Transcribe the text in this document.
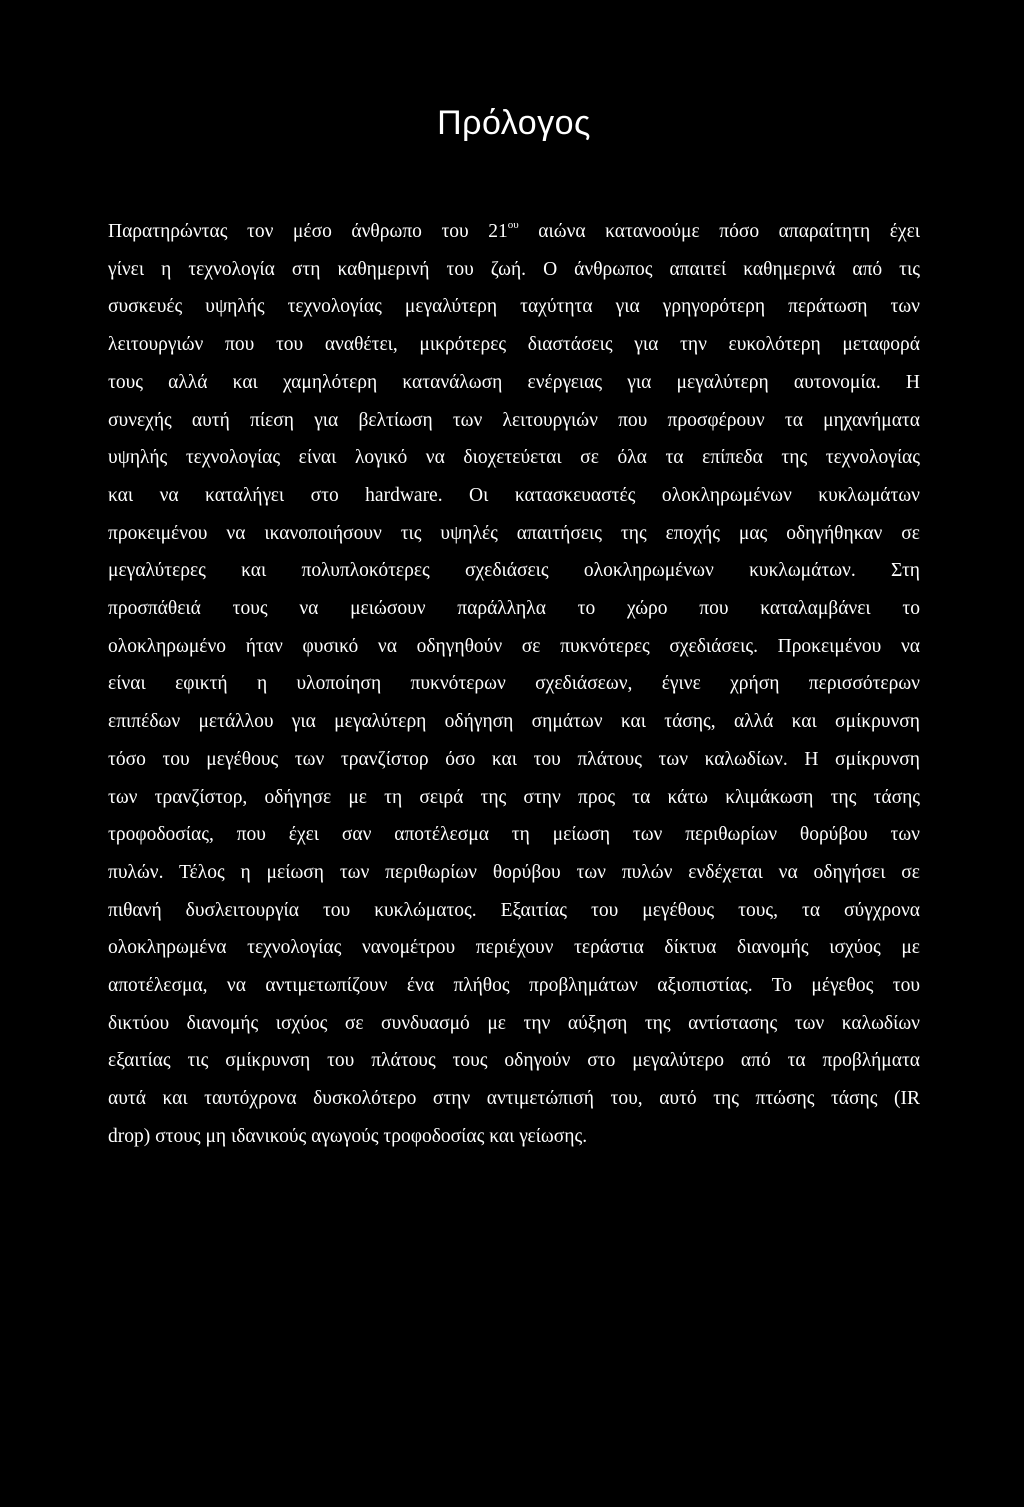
Πρόλογος
Παρατηρώντας τον μέσο άνθρωπο του $21^{o\upsilon}$ αιώνα κατανοούμε πόσο απαραίτητη έχει
γίνει η τεχνολογία στη καθημερινή του ζωή. Ο άνθρωπος απαιτεί καθημερινά από τις
συσκευές υψηλής τεχνολογίας μεγαλύτερη ταχύτητα για γρηγορότερη περάτωση των
λειτουργιών που του αναθέτει, μικρότερες διαστάσεις για την ευκολότερη μεταφορά
τους αλλά και χαμηλότερη κατανάλωση ενέργειας για μεγαλύτερη αυτονομία. Η
συνεχής αυτή πίεση για βελτίωση των λειτουργιών που προσφέρουν τα μηχανήματα
υψηλής τεχνολογίας είναι λογικό να διοχετεύεται σε όλα τα επίπεδα της τεχνολογίας
και να καταλήγει στο hardware. Οι κατασκευαστές ολοκληρωμένων κυκλωμάτων
προκειμένου να ικανοποιήσουν τις υψηλές απαιτήσεις της εποχής μας οδηγήθηκαν σε
μεγαλύτερες και πολυπλοκότερες σχεδιάσεις ολοκληρωμένων κυκλωμάτων. Στη
προσπάθειά τους να μειώσουν παράλληλα το χώρο που καταλαμβάνει το
ολοκληρωμένο ήταν φυσικό να οδηγηθούν σε πυκνότερες σχεδιάσεις. Προκειμένου να
είναι εφικτή η υλοποίηση πυκνότερων σχεδιάσεων, έγινε χρήση περισσότερων
επιπέδων μετάλλου για μεγαλύτερη οδήγηση σημάτων και τάσης, αλλά και σμίκρυνση
τόσο του μεγέθους των τρανζίστορ όσο και του πλάτους των καλωδίων. Η σμίκρυνση
των τρανζίστορ, οδήγησε με τη σειρά της στην προς τα κάτω κλιμάκωση της τάσης
τροφοδοσίας, που έχει σαν αποτέλεσμα τη μείωση των περιθωρίων θορύβου των
πυλών. Τέλος η μείωση των περιθωρίων θορύβου των πυλών ενδέχεται να οδηγήσει σε
πιθανή δυσλειτουργία του κυκλώματος. Εξαιτίας του μεγέθους τους, τα σύγχρονα
ολοκληρωμένα τεχνολογίας νανομέτρου περιέχουν τεράστια δίκτυα διανομής ισχύος με
αποτέλεσμα, να αντιμετωπίζουν ένα πλήθος προβλημάτων αξιοπιστίας. Το μέγεθος του
δικτύου διανομής ισχύος σε συνδυασμό με την αύξηση της αντίστασης των καλωδίων
εξαιτίας τις σμίκρυνση του πλάτους τους οδηγούν στο μεγαλύτερο από τα προβλήματα
αυτά και ταυτόχρονα δυσκολότερο στην αντιμετώπισή του, αυτό της πτώσης τάσης (IR
drop) στους μη ιδανικούς αγωγούς τροφοδοσίας και γείωσης.
